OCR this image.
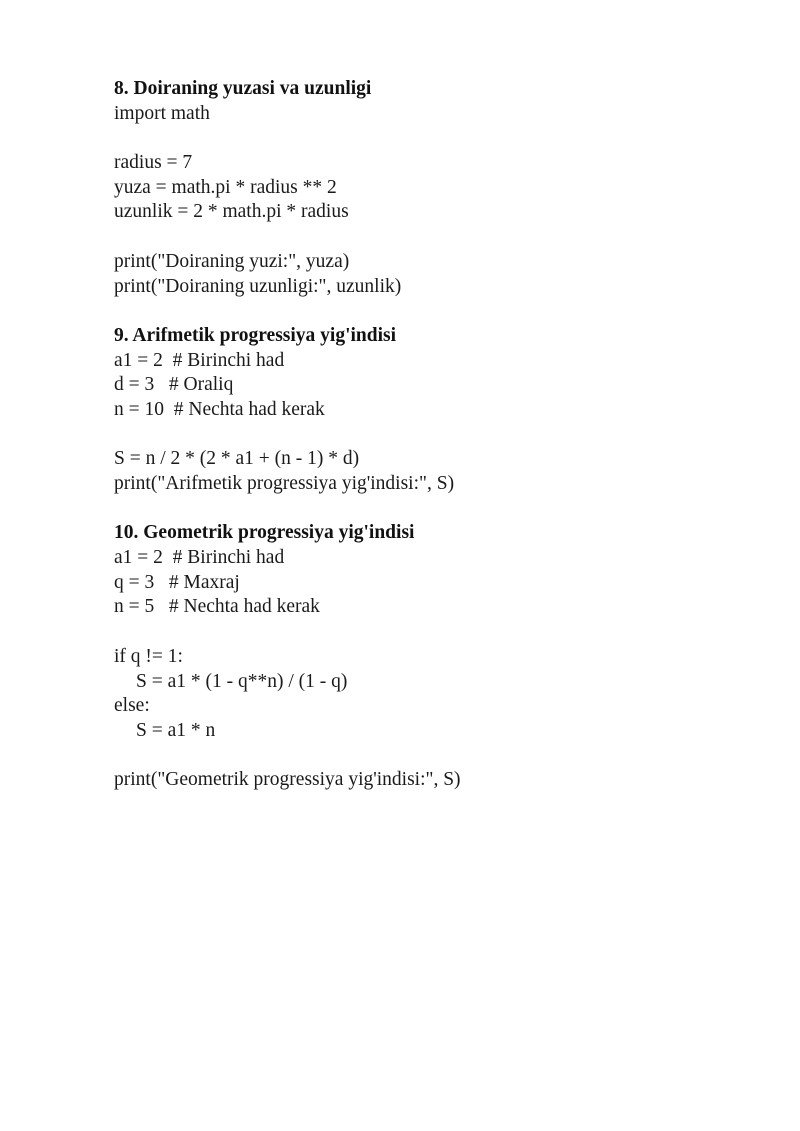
8. Doiraning yuzasi va uzunligi
import math
radius = 7
yuza = math.pi * radius ** 2
uzunlik = 2 * math.pi * radius
print("Doiraning yuzi:", yuza)
print("Doiraning uzunligi:", uzunlik)
9. Arifmetik progressiya yig'indisi
a1 = 2  # Birinchi had
d = 3   # Oraliq
n = 10  # Nechta had kerak
S = n / 2 * (2 * a1 + (n - 1) * d)
print("Arifmetik progressiya yig'indisi:", S)
10. Geometrik progressiya yig'indisi
a1 = 2  # Birinchi had
q = 3   # Maxraj
n = 5   # Nechta had kerak
if q != 1:
S = a1 * (1 - q**n) / (1 - q)
else:
S = a1 * n
print("Geometrik progressiya yig'indisi:", S)
